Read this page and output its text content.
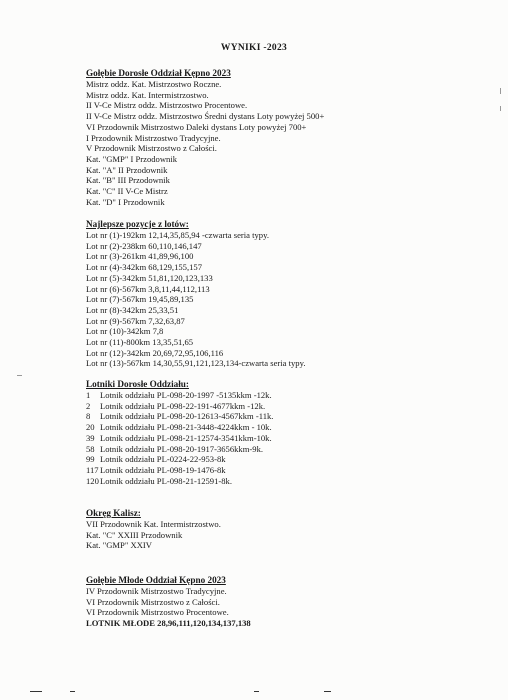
WYNIKI -2023
Gołębie Dorosłe Oddział Kępno 2023
Mistrz oddz. Kat. Mistrzostwo Roczne.
Mistrz oddz. Kat. Intermistrzostwo.
II V-Ce Mistrz oddz. Mistrzostwo Procentowe.
II V-Ce Mistrz oddz. Mistrzostwo Średni dystans Loty powyżej 500+
VI Przodownik Mistrzostwo Daleki dystans Loty powyżej 700+
I Przodownik Mistrzostwo Tradycyjne.
V Przodownik Mistrzostwo z Całości.
Kat. "GMP" I Przodownik
Kat. "A" II Przodownik
Kat. "B" III Przodownik
Kat. "C" II V-Ce Mistrz
Kat. "D" I Przodownik
Najlepsze pozycje z lotów:
Lot nr (1)-192km 12,14,35,85,94 -czwarta seria typy.
Lot nr (2)-238km 60,110,146,147
Lot nr (3)-261km 41,89,96,100
Lot nr (4)-342km 68,129,155,157
Lot nr (5)-342km 51,81,120,123,133
Lot nr (6)-567km 3,8,11,44,112,113
Lot nr (7)-567km 19,45,89,135
Lot nr (8)-342km 25,33,51
Lot nr (9)-567km 7,32,63,87
Lot nr (10)-342km 7,8
Lot nr (11)-800km 13,35,51,65
Lot nr (12)-342km 20,69,72,95,106,116
Lot nr (13)-567km 14,30,55,91,121,123,134-czwarta seria typy.
Lotniki Dorosłe Oddziału:
1	Lotnik oddziału PL-098-20-1997 -5135kkm -12k.
2	Lotnik oddziału PL-098-22-191-4677kkm -12k.
8	Lotnik oddziału PL-098-20-12613-4567kkm -11k.
20 Lotnik oddziału PL-098-21-3448-4224kkm - 10k.
39 Lotnik oddziału PL-098-21-12574-3541kkm-10k.
58 Lotnik oddziału PL-098-20-1917-3656kkm-9k.
99 Lotnik oddziału PL-0224-22-953-8k
117 Lotnik oddziału PL-098-19-1476-8k
120 Lotnik oddziału PL-098-21-12591-8k.
Okręg Kalisz:
VII Przodownik Kat. Intermistrzostwo.
Kat. "C" XXIII Przodownik
Kat. "GMP" XXIV
Gołębie Młode Oddział Kępno 2023
IV Przodownik Mistrzostwo Tradycyjne.
VI Przodownik Mistrzostwo z Całości.
VI Przodownik Mistrzostwo Procentowe.
LOTNIK MŁODE 28,96,111,120,134,137,138
